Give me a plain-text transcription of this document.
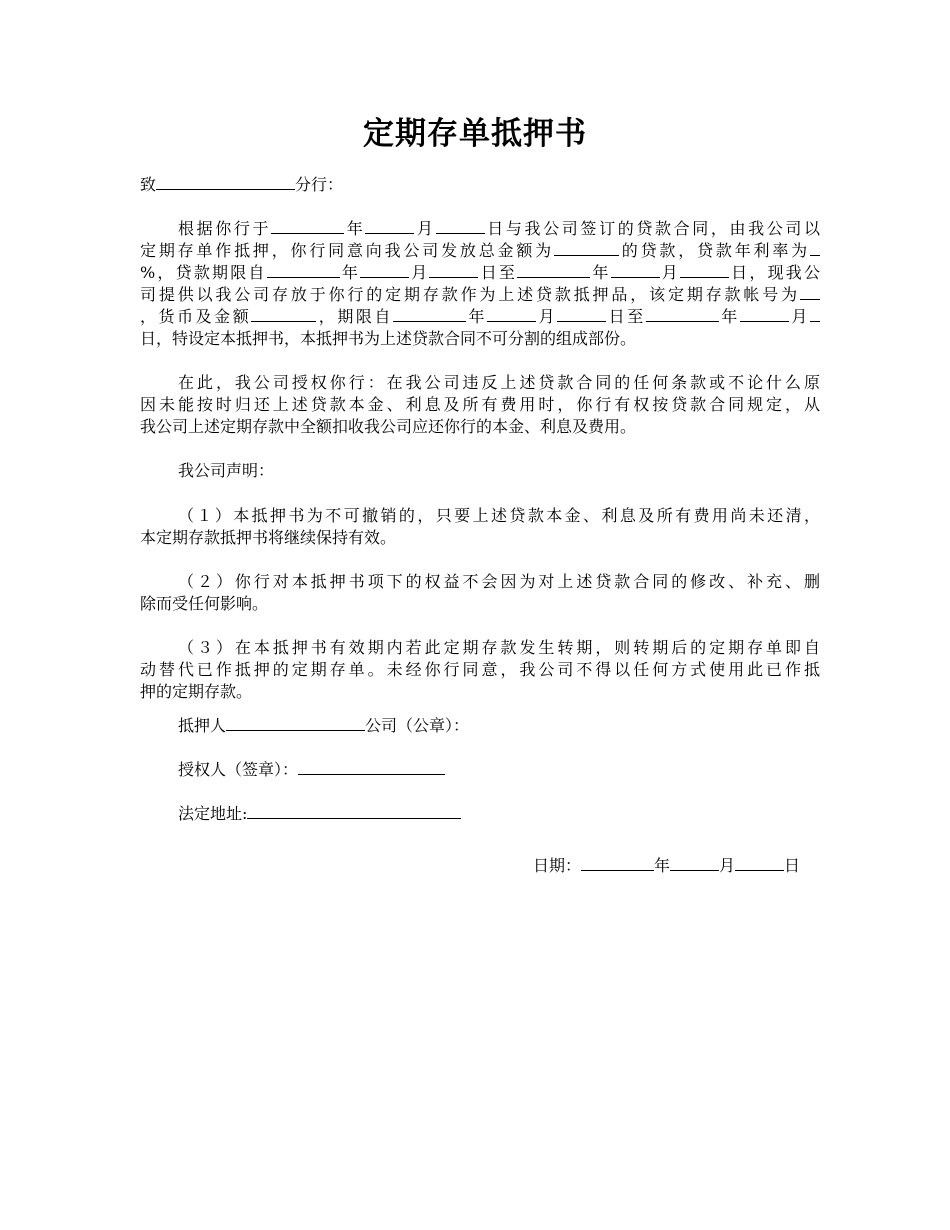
定期存单抵押书
致	分行：
根据你行于	年	月	日与我公司签订的贷款合同，由我公司以
定期存单作抵押，你行同意向我公司发放总金额为	的贷款，贷款年利率为
%，贷款期限自	年	月	日至	年	月	日，现我公
司提供以我公司存放于你行的定期存款作为上述贷款抵押品，该定期存款帐号为
，货币及金额	，期限自	年	月	日至	年	月
日，特设定本抵押书，本抵押书为上述贷款合同不可分割的组成部份。
在此，我公司授权你行：在我公司违反上述贷款合同的任何条款或不论什么原
因未能按时归还上述贷款本金、利息及所有费用时，你行有权按贷款合同规定，从
我公司上述定期存款中全额扣收我公司应还你行的本金、利息及费用。
我公司声明：
（１）本抵押书为不可撤销的，只要上述贷款本金、利息及所有费用尚未还清，
本定期存款抵押书将继续保持有效。
（２）你行对本抵押书项下的权益不会因为对上述贷款合同的修改、补充、删
除而受任何影响。
（３）在本抵押书有效期内若此定期存款发生转期，则转期后的定期存单即自
动替代已作抵押的定期存单。未经你行同意，我公司不得以任何方式使用此已作抵
押的定期存款。
抵押人	公司（公章）：
授权人（签章）：
法定地址:
日期：	年	月	日
